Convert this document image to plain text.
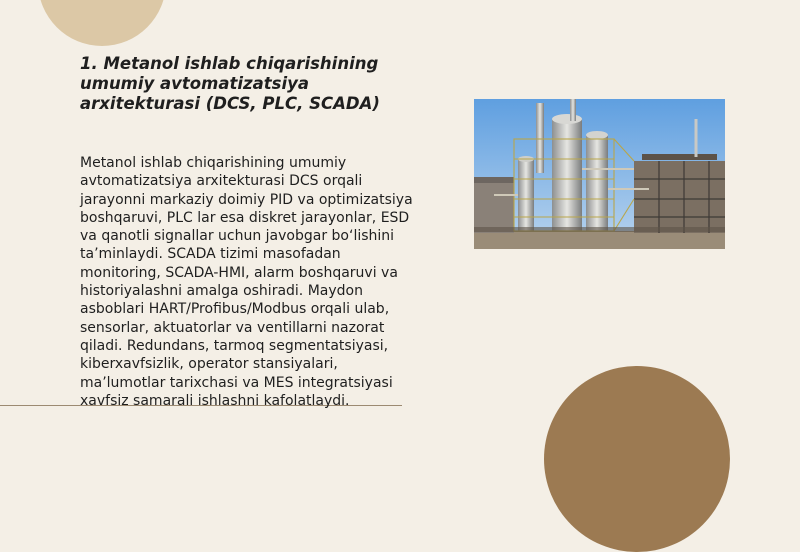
1. Metanol ishlab chiqarishining umumiy avtomatizatsiya arxitekturasi (DCS, PLC, SCADA)

Metanol ishlab chiqarishining umumiy avtomatizatsiya arxitekturasi DCS orqali jarayonni markaziy doimiy PID va optimizatsiya boshqaruvi, PLC lar esa diskret jarayonlar, ESD va qanotli signallar uchun javobgar bo‘lishini ta’minlaydi. SCADA tizimi masofadan monitoring, SCADA-HMI, alarm boshqaruvi va historiyalashni amalga oshiradi. Maydon asboblari HART/Profibus/Modbus orqali ulab, sensorlar, aktuatorlar va ventillarni nazorat qiladi. Redundans, tarmoq segmentatsiyasi, kiberxavfsizlik, operator stansiyalari, ma’lumotlar tarixchasi va MES integratsiyasi xavfsiz samarali ishlashni kafolatlaydi.
